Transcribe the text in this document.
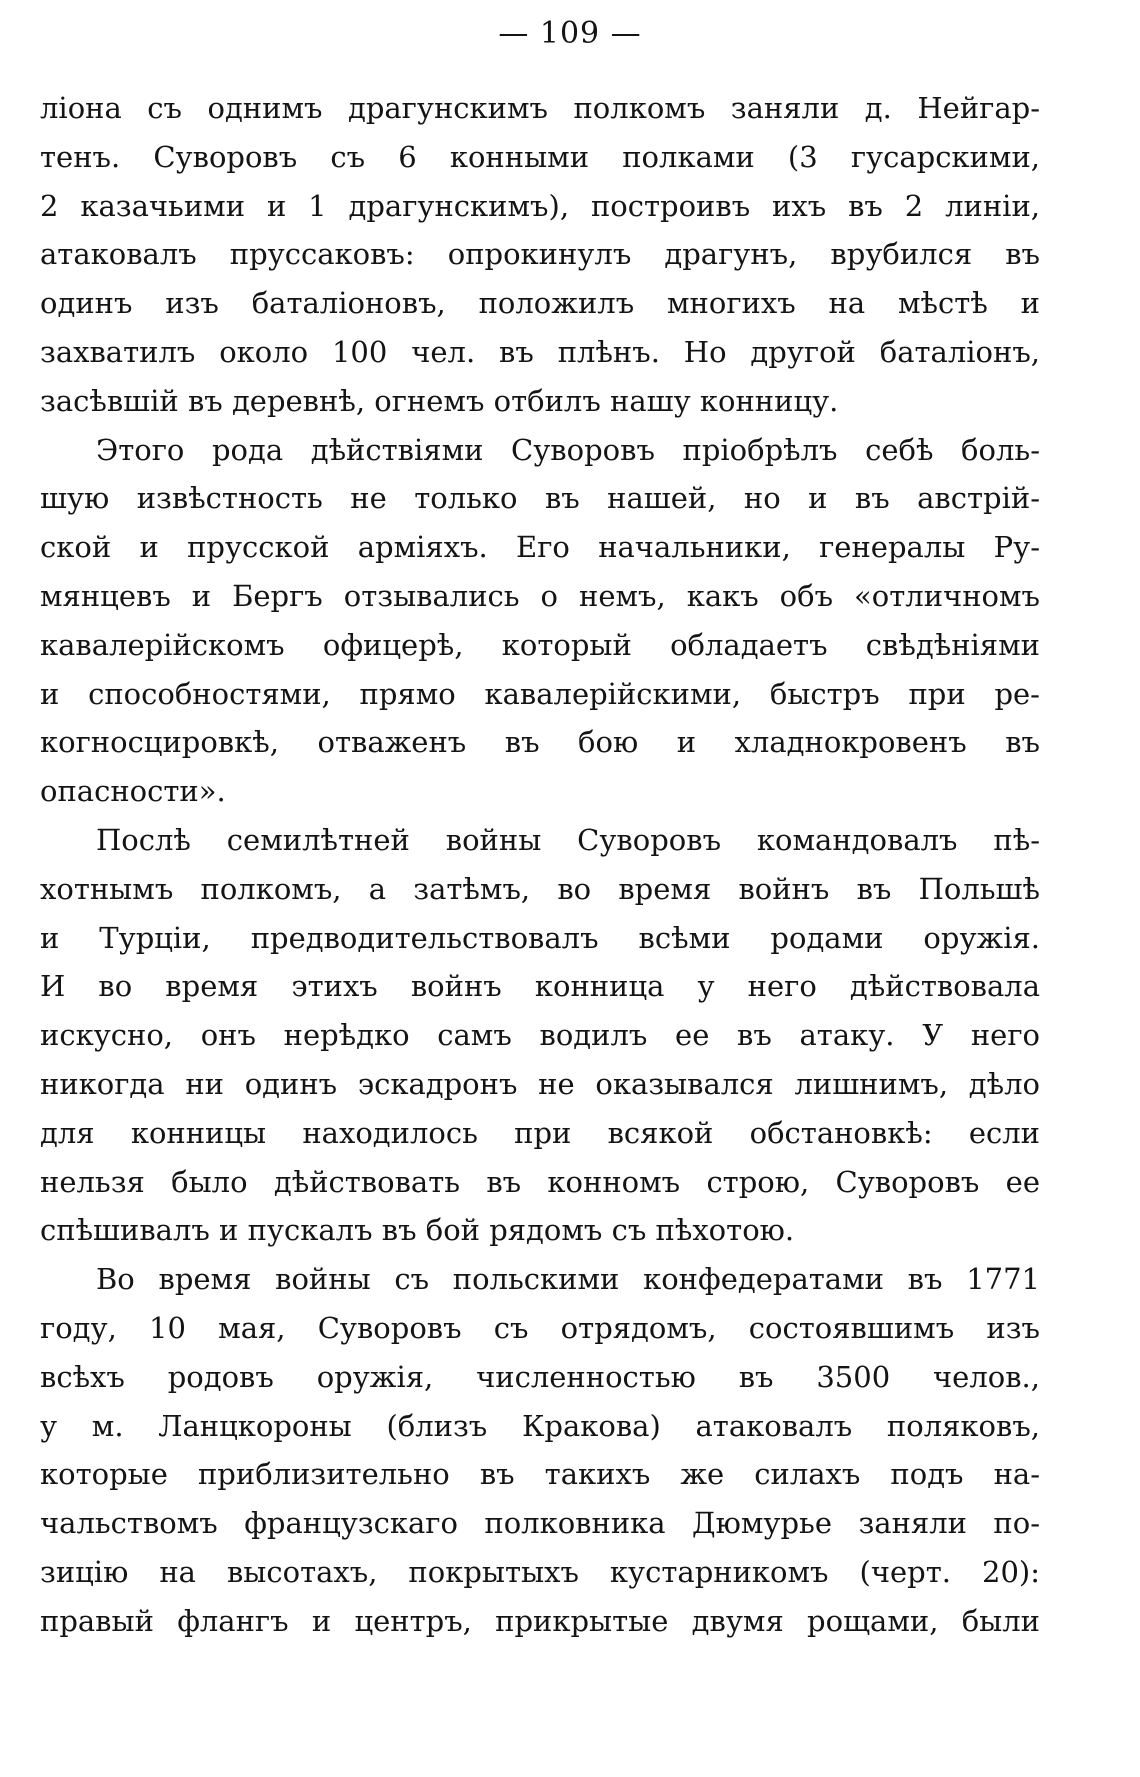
— 109 —
ліона съ однимъ драгунскимъ полкомъ заняли д. Нейгар-
тенъ. Суворовъ съ 6 конными полками (3 гусарскими,
2 казачьими и 1 драгунскимъ), построивъ ихъ въ 2 линіи,
атаковалъ пруссаковъ: опрокинулъ драгунъ, врубился въ
одинъ изъ баталіоновъ, положилъ многихъ на мѣстѣ и
захватилъ около 100 чел. въ плѣнъ. Но другой баталіонъ,
засѣвшій въ деревнѣ, огнемъ отбилъ нашу конницу.
Этого рода дѣйствіями Суворовъ пріобрѣлъ себѣ боль-
шую извѣстность не только въ нашей, но и въ австрій-
ской и прусской арміяхъ. Его начальники, генералы Ру-
мянцевъ и Бергъ отзывались о немъ, какъ объ «отличномъ
кавалерійскомъ офицерѣ, который обладаетъ свѣдѣніями
и способностями, прямо кавалерійскими, быстръ при ре-
когносцировкѣ, отваженъ въ бою и хладнокровенъ въ
опасности».
Послѣ семилѣтней войны Суворовъ командовалъ пѣ-
хотнымъ полкомъ, а затѣмъ, во время войнъ въ Польшѣ
и Турціи, предводительствовалъ всѣми родами оружія.
И во время этихъ войнъ конница у него дѣйствовала
искусно, онъ нерѣдко самъ водилъ ее въ атаку. У него
никогда ни одинъ эскадронъ не оказывался лишнимъ, дѣло
для конницы находилось при всякой обстановкѣ: если
нельзя было дѣйствовать въ конномъ строю, Суворовъ ее
спѣшивалъ и пускалъ въ бой рядомъ съ пѣхотою.
Во время войны съ польскими конфедератами въ 1771
году, 10 мая, Суворовъ съ отрядомъ, состоявшимъ изъ
всѣхъ родовъ оружія, численностью въ 3500 челов.,
у м. Ланцкороны (близъ Кракова) атаковалъ поляковъ,
которые приблизительно въ такихъ же силахъ подъ на-
чальствомъ французскаго полковника Дюмурье заняли по-
зицію на высотахъ, покрытыхъ кустарникомъ (черт. 20):
правый флангъ и центръ, прикрытые двумя рощами, были
